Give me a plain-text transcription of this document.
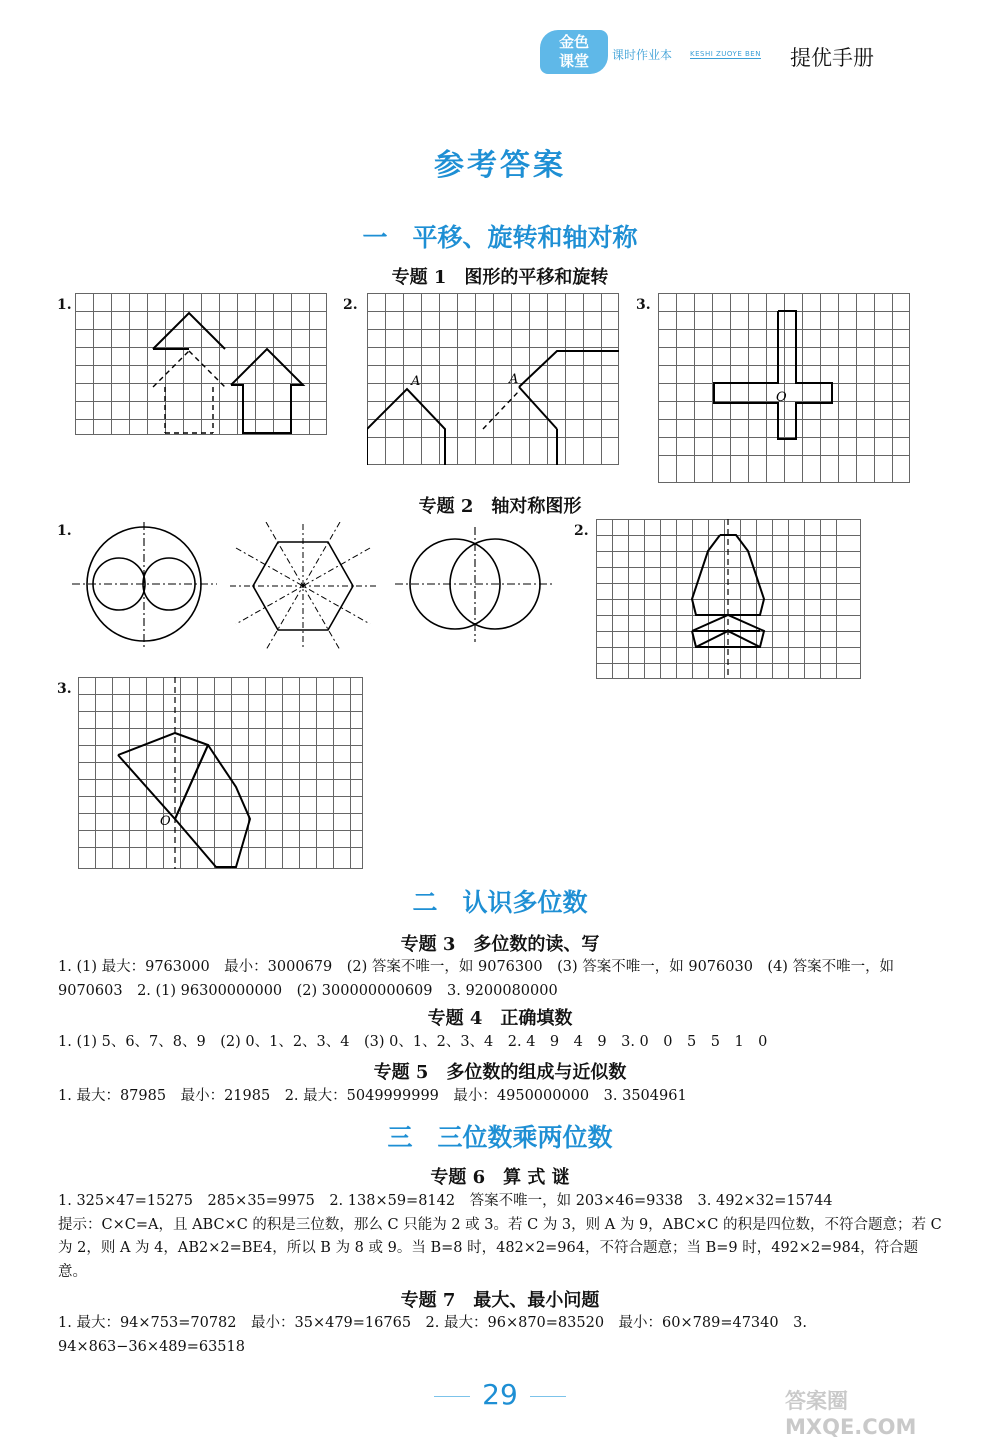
金色
课堂	课时作业本	KESHI ZUOYE BEN 提优手册
参考答案
一　平移、旋转和轴对称
专题 1　图形的平移和旋转
1.	2.
A	A
3.
O
专题 2　轴对称图形
1.	2.
3.
O
二　认识多位数
专题 3　多位数的读、写
1. (1) 最大：9763000　最小：3000679　(2) 答案不唯一，如 9076300　(3) 答案不唯一，如 9076030　(4) 答案不唯一，如 9070603　2. (1) 96300000000　(2) 300000000609　3. 9200080000
专题 4　正确填数
1. (1) 5、6、7、8、9　(2) 0、1、2、3、4　(3) 0、1、2、3、4　2. 4　9　4　9　3. 0　0　5　5　1　0
专题 5　多位数的组成与近似数
1. 最大：87985　最小：21985　2. 最大：5049999999　最小：4950000000　3. 3504961
三　三位数乘两位数
专题 6　算 式 谜
1. 325×47=15275　285×35=9975　2. 138×59=8142　答案不唯一，如 203×46=9338　3. 492×32=15744
提示：C×C=A，且 ABC×C 的积是三位数，那么 C 只能为 2 或 3。若 C 为 3，则 A 为 9，ABC×C 的积是四位数，不符合题意；若 C 为 2，则 A 为 4，AB2×2=BE4，所以 B 为 8 或 9。当 B=8 时，482×2=964，不符合题意；当 B=9 时，492×2=984，符合题意。
专题 7　最大、最小问题
1. 最大：94×753=70782　最小：35×479=16765　2. 最大：96×870=83520　最小：60×789=47340　3. 94×863−36×489=63518
29	答案圈
MXQE.COM
